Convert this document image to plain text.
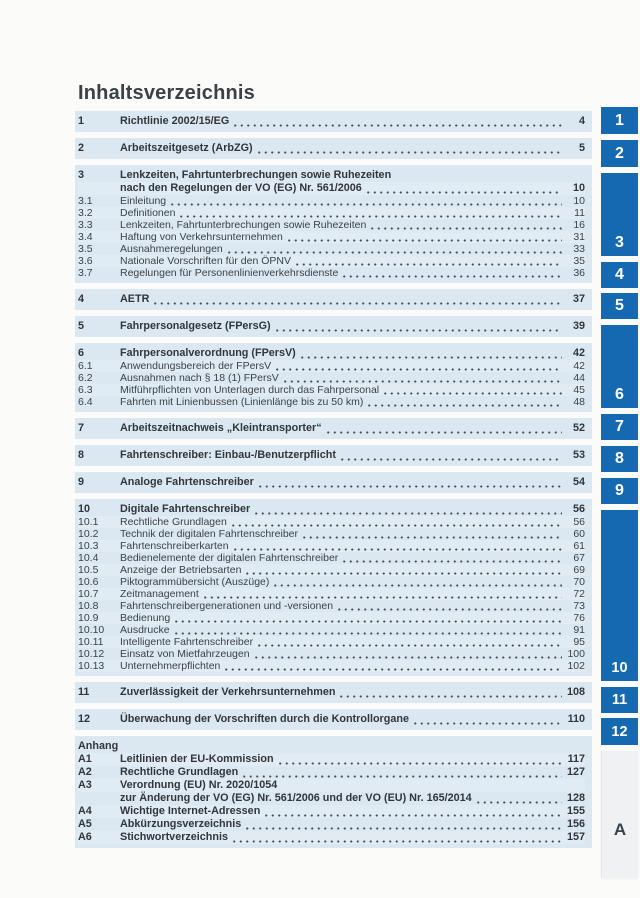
Inhaltsverzeichnis
1	Richtlinie 2002/15/EG	4
2	Arbeitszeitgesetz (ArbZG)	5
3	Lenkzeiten, Fahrtunterbrechungen sowie Ruhezeiten
nach den Regelungen der VO (EG) Nr. 561/2006	10
3.1	Einleitung	10
3.2	Definitionen	11
3.3	Lenkzeiten, Fahrtunterbrechungen sowie Ruhezeiten	16
3.4	Haftung von Verkehrsunternehmen	31
3.5	Ausnahmeregelungen	33
3.6	Nationale Vorschriften für den ÖPNV	35
3.7	Regelungen für Personenlinienverkehrsdienste	36
4	AETR	37
5	Fahrpersonalgesetz (FPersG)	39
6	Fahrpersonalverordnung (FPersV)	42
6.1	Anwendungsbereich der FPersV	42
6.2	Ausnahmen nach § 18 (1) FPersV	44
6.3	Mitführpflichten von Unterlagen durch das Fahrpersonal	45
6.4	Fahrten mit Linienbussen (Linienlänge bis zu 50 km)	48
7	Arbeitszeitnachweis „Kleintransporter“	52
8	Fahrtenschreiber: Einbau-/Benutzerpflicht	53
9	Analoge Fahrtenschreiber	54
10	Digitale Fahrtenschreiber	56
10.1	Rechtliche Grundlagen	56
10.2	Technik der digitalen Fahrtenschreiber	60
10.3	Fahrtenschreiberkarten	61
10.4	Bedienelemente der digitalen Fahrtenschreiber	67
10.5	Anzeige der Betriebsarten	69
10.6	Piktogrammübersicht (Auszüge)	70
10.7	Zeitmanagement	72
10.8	Fahrtenschreibergenerationen und -versionen	73
10.9	Bedienung	76
10.10	Ausdrucke	91
10.11	Intelligente Fahrtenschreiber	95
10.12	Einsatz von Mietfahrzeugen	100
10.13	Unternehmerpflichten	102
11	Zuverlässigkeit der Verkehrsunternehmen	108
12	Überwachung der Vorschriften durch die Kontrollorgane	110
Anhang
A1	Leitlinien der EU-Kommission	117
A2	Rechtliche Grundlagen	127
A3	Verordnung (EU) Nr. 2020/1054
zur Änderung der VO (EG) Nr. 561/2006 und der VO (EU) Nr. 165/2014	128
A4	Wichtige Internet-Adressen	155
A5	Abkürzungsverzeichnis	156
A6	Stichwortverzeichnis	157
1
2
3
4
5
6
7
8
9
10
11
12
A
